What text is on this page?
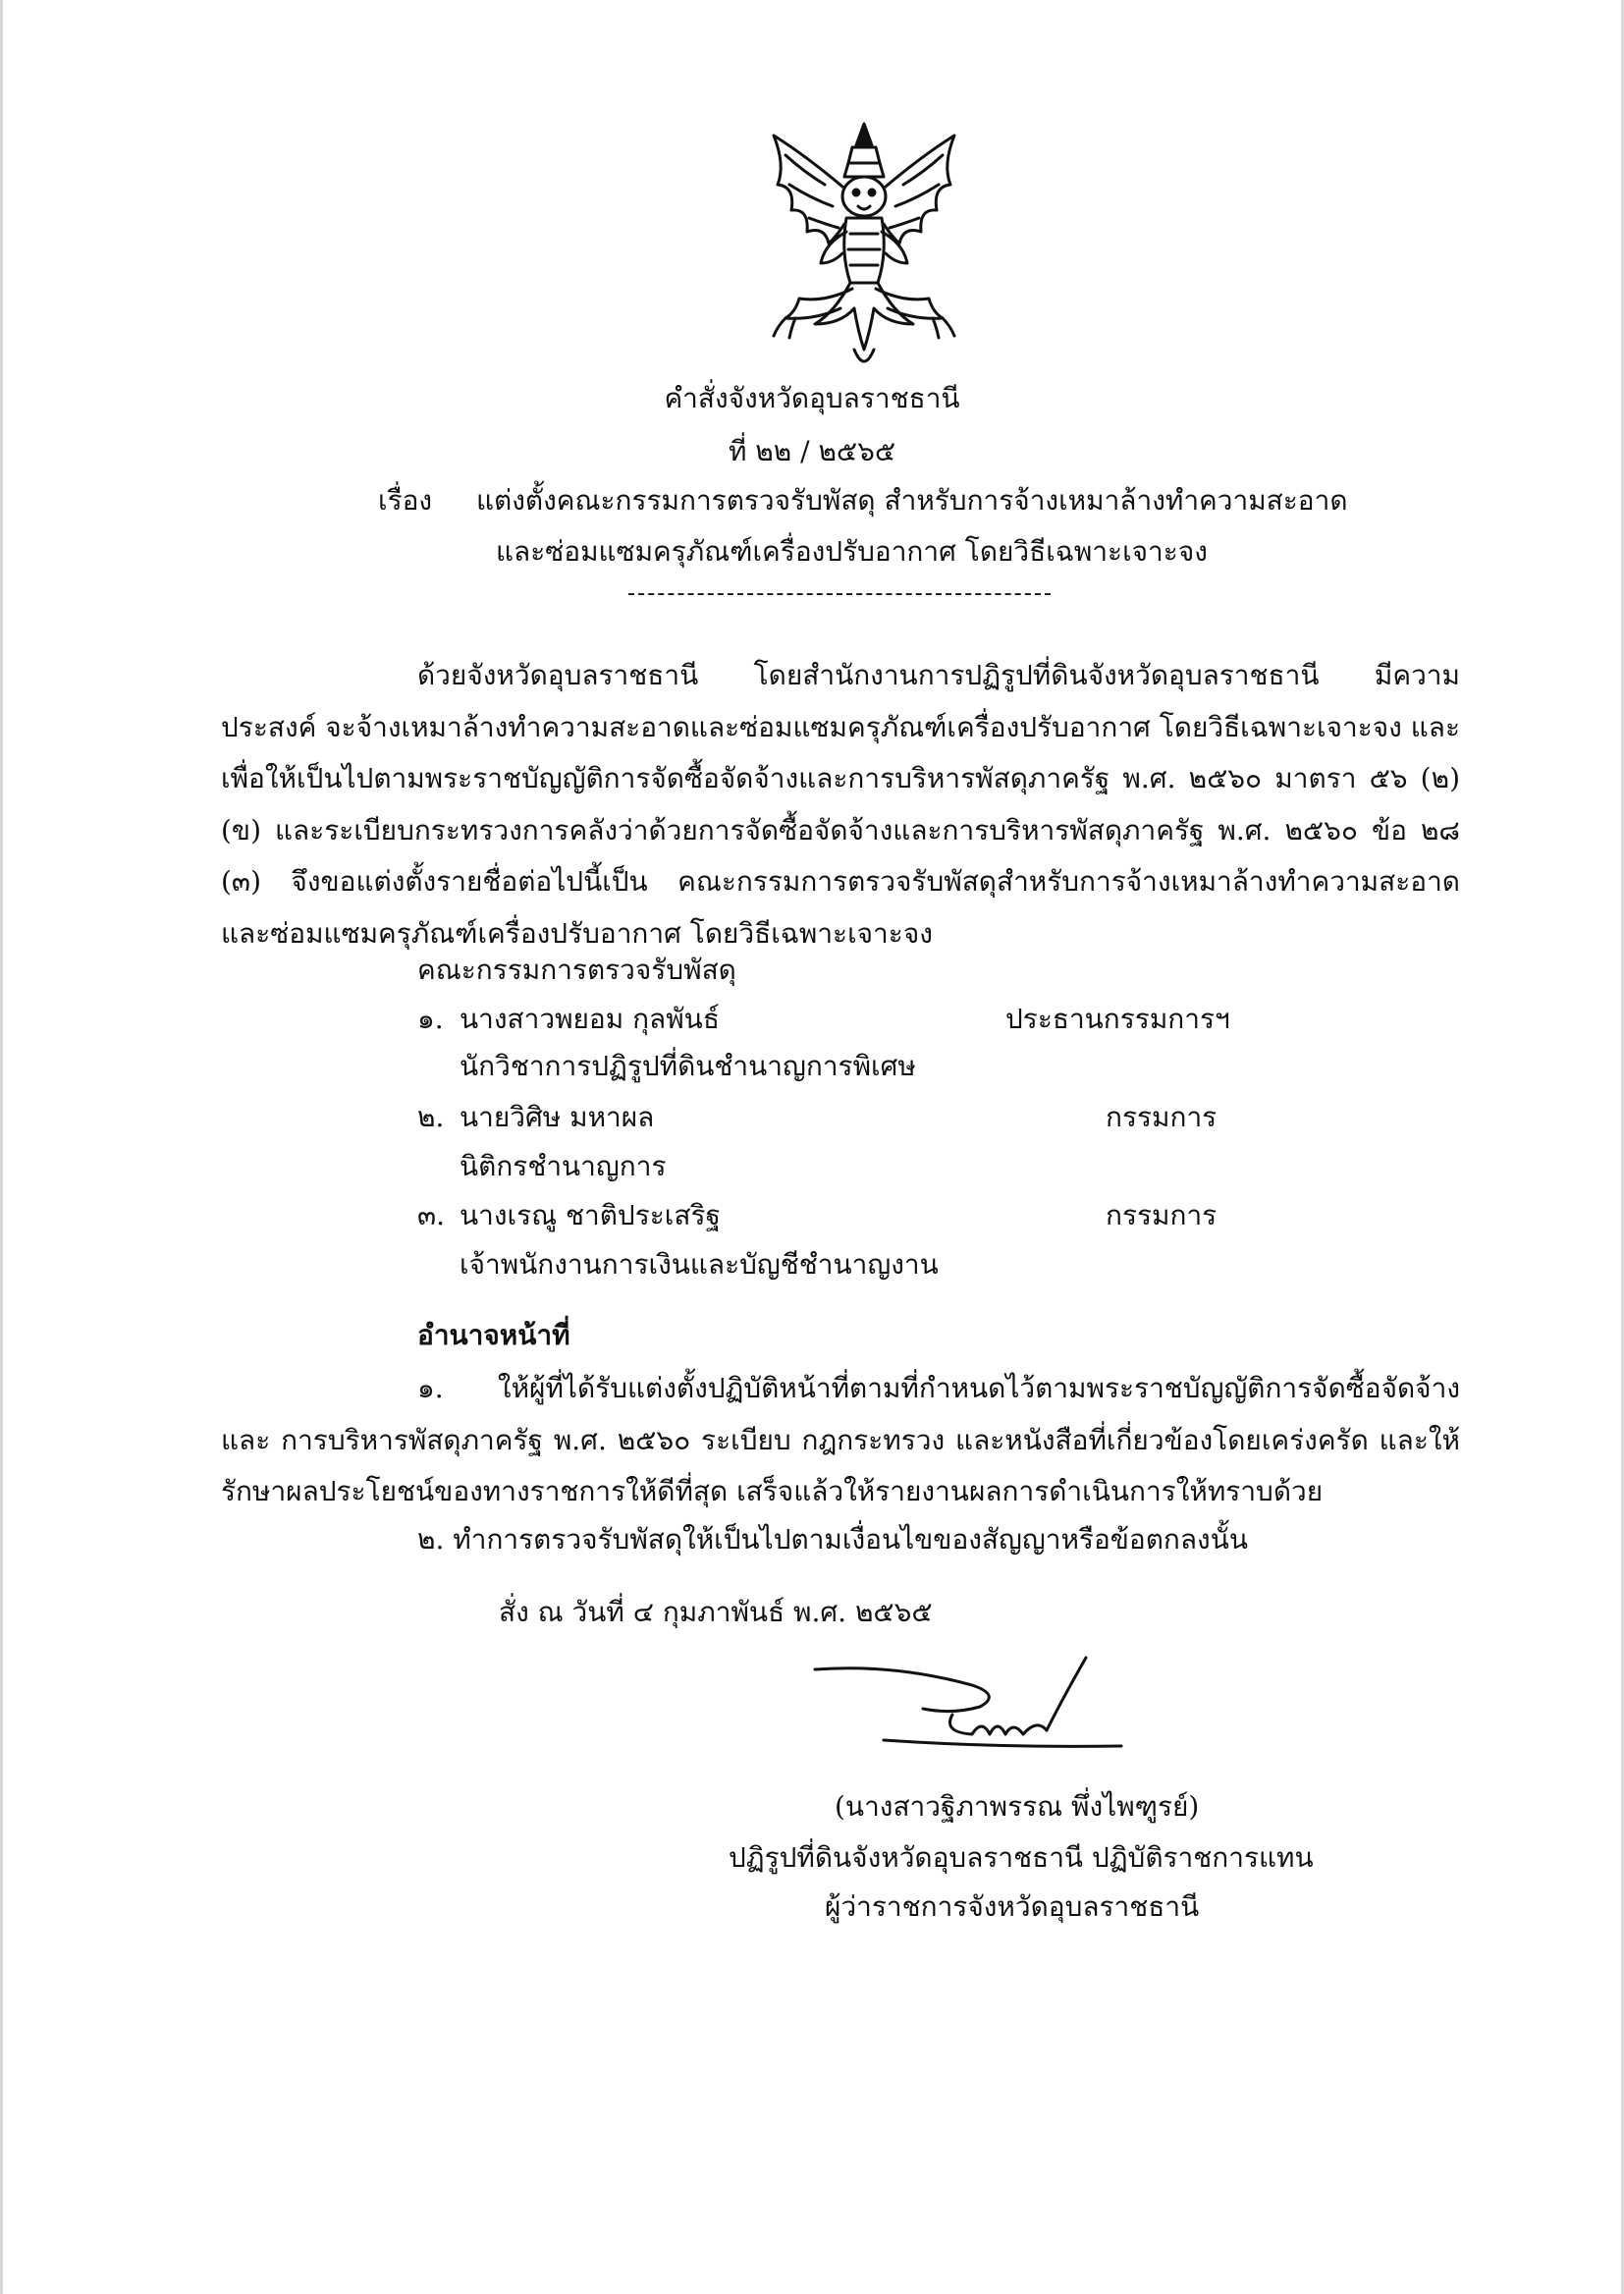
คำสั่งจังหวัดอุบลราชธานี
ที่ ๒๒ / ๒๕๖๕
เรื่อง แต่งตั้งคณะกรรมการตรวจรับพัสดุ สำหรับการจ้างเหมาล้างทำความสะอาด
และซ่อมแซมครุภัณฑ์เครื่องปรับอากาศ โดยวิธีเฉพาะเจาะจง
ด้วยจังหวัดอุบลราชธานี โดยสำนักงานการปฏิรูปที่ดินจังหวัดอุบลราชธานี มีความประสงค์ จะจ้างเหมาล้างทำความสะอาดและซ่อมแซมครุภัณฑ์เครื่องปรับอากาศ โดยวิธีเฉพาะเจาะจง และเพื่อให้เป็นไปตามพระราชบัญญัติการจัดซื้อจัดจ้างและการบริหารพัสดุภาครัฐ พ.ศ. ๒๕๖๐ มาตรา ๕๖ (๒) (ข) และระเบียบกระทรวงการคลังว่าด้วยการจัดซื้อจัดจ้างและการบริหารพัสดุภาครัฐ พ.ศ. ๒๕๖๐ ข้อ ๒๘ (๓) จึงขอแต่งตั้งรายชื่อต่อไปนี้เป็น คณะกรรมการตรวจรับพัสดุสำหรับการจ้างเหมาล้างทำความสะอาดและซ่อมแซมครุภัณฑ์เครื่องปรับอากาศ โดยวิธีเฉพาะเจาะจง
คณะกรรมการตรวจรับพัสดุ
๑. นางสาวพยอม กุลพันธ์	ประธานกรรมการฯ
นักวิชาการปฏิรูปที่ดินชำนาญการพิเศษ
๒. นายวิศิษ มหาผล	กรรมการ
นิติกรชำนาญการ
๓. นางเรณู ชาติประเสริฐ	กรรมการ
เจ้าพนักงานการเงินและบัญชีชำนาญงาน
อำนาจหน้าที่
๑. ให้ผู้ที่ได้รับแต่งตั้งปฏิบัติหน้าที่ตามที่กำหนดไว้ตามพระราชบัญญัติการจัดซื้อจัดจ้างและ การบริหารพัสดุภาครัฐ พ.ศ. ๒๕๖๐ ระเบียบ กฎกระทรวง และหนังสือที่เกี่ยวข้องโดยเคร่งครัด และให้รักษาผลประโยชน์ของทางราชการให้ดีที่สุด เสร็จแล้วให้รายงานผลการดำเนินการให้ทราบด้วย
๒. ทำการตรวจรับพัสดุให้เป็นไปตามเงื่อนไขของสัญญาหรือข้อตกลงนั้น
สั่ง ณ วันที่ ๔ กุมภาพันธ์ พ.ศ. ๒๕๖๕
(นางสาวฐิภาพรรณ พึ่งไพฑูรย์)
ปฏิรูปที่ดินจังหวัดอุบลราชธานี ปฏิบัติราชการแทน
ผู้ว่าราชการจังหวัดอุบลราชธานี
